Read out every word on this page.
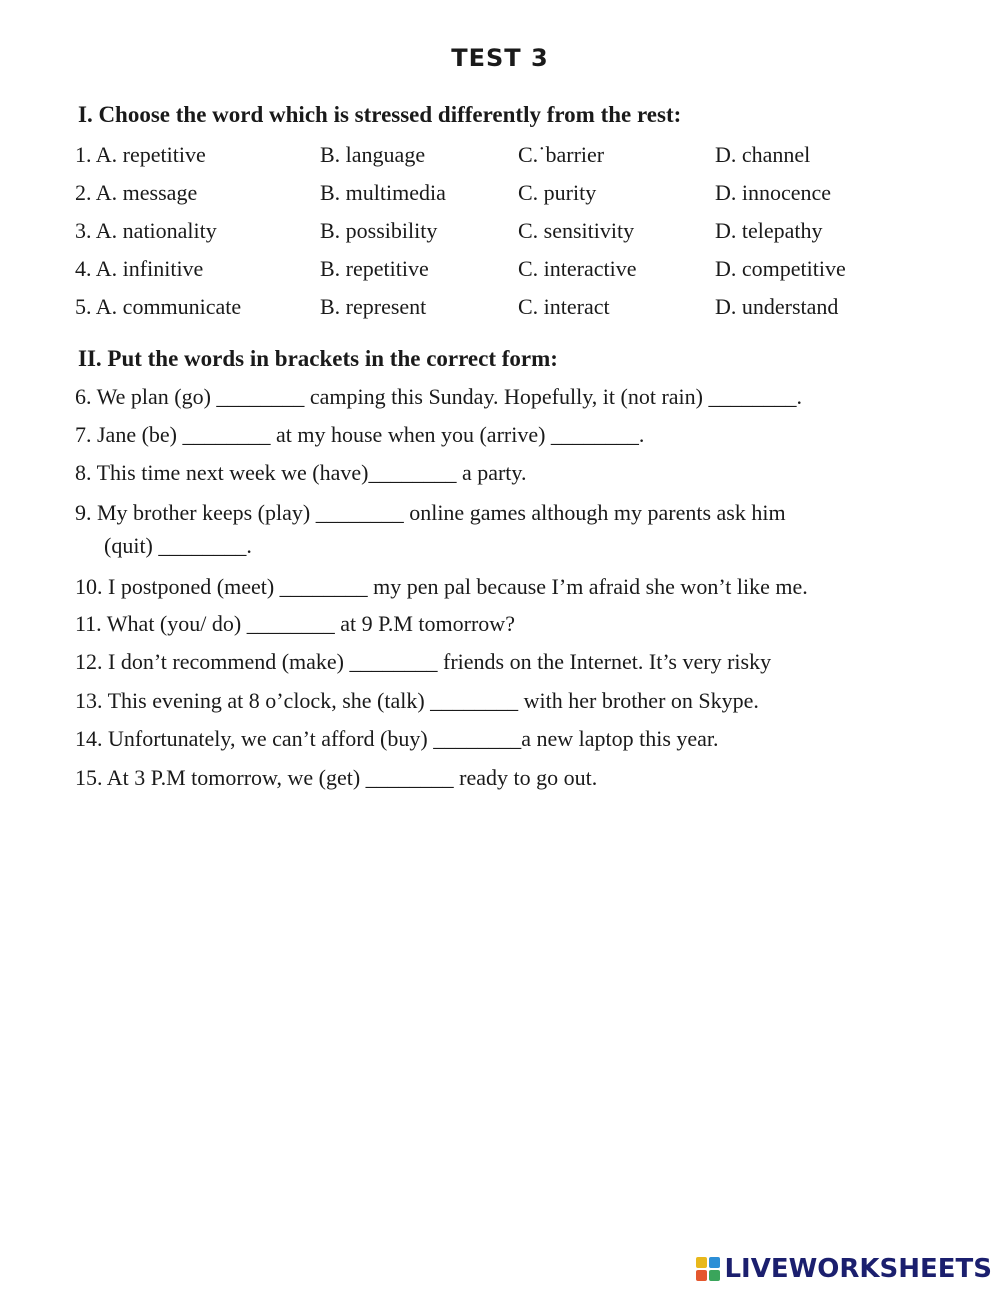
TEST 3
I. Choose the word which is stressed differently from the rest:
1. A. repetitive	B. language	C.˙barrier	D. channel
2. A. message	B. multimedia	C. purity	D. innocence
3. A. nationality	B. possibility	C. sensitivity	D. telepathy
4. A. infinitive	B. repetitive	C. interactive	D. competitive
5. A. communicate	B. represent	C. interact	D. understand
II. Put the words in brackets in the correct form:
6. We plan (go) ________ camping this Sunday. Hopefully, it (not rain) ________.
7. Jane (be) ________ at my house when you (arrive) ________.
8. This time next week we (have)________ a party.
9. My brother keeps (play) ________ online games although my parents ask him
(quit) ________.
10. I postponed (meet) ________ my pen pal because I’m afraid she won’t like me.
11. What (you/ do) ________ at 9 P.M tomorrow?
12. I don’t recommend (make) ________ friends on the Internet. It’s very risky
13. This evening at 8 o’clock, she (talk) ________ with her brother on Skype.
14. Unfortunately, we can’t afford (buy) ________a new laptop this year.
15. At 3 P.M tomorrow, we (get) ________ ready to go out.
LIVEWORKSHEETS
